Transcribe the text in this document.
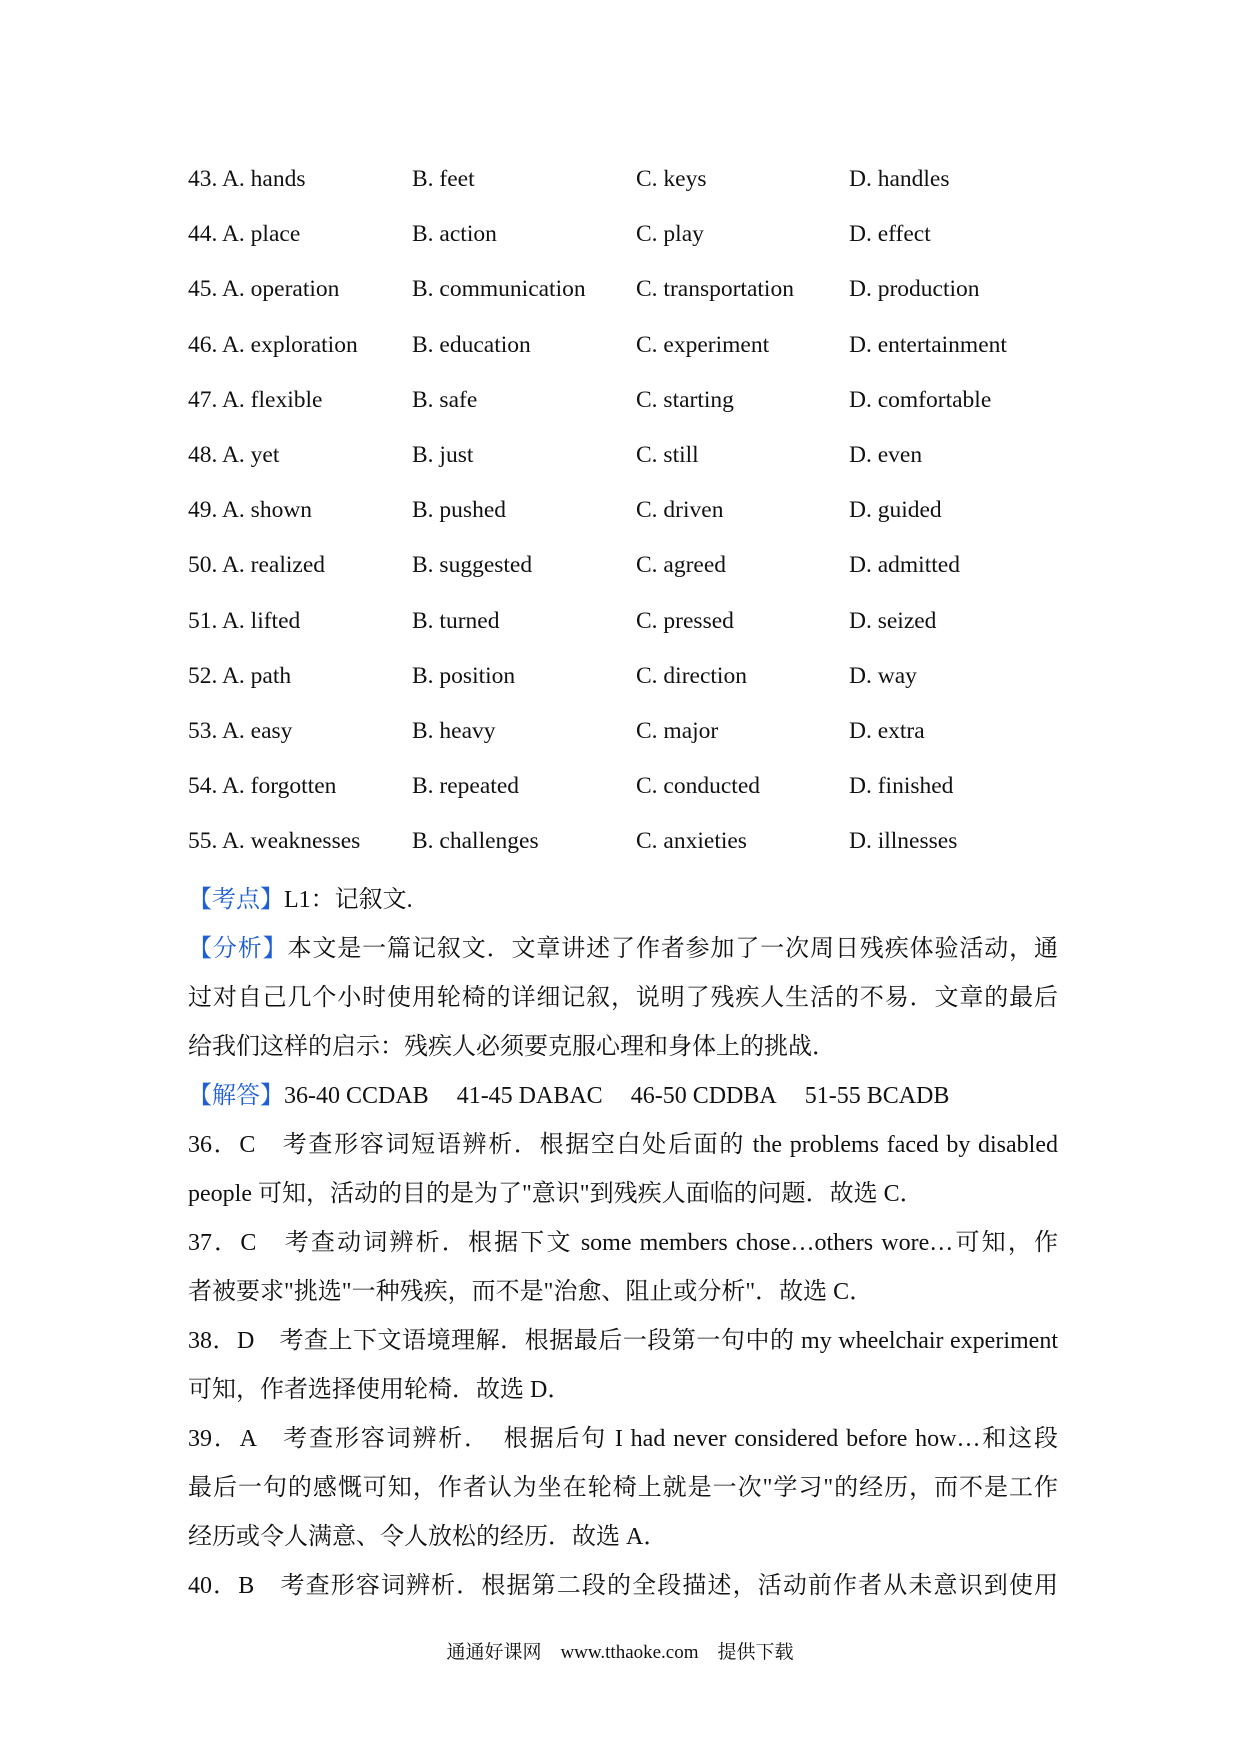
43. A. hands	B. feet	C. keys	D. handles
44. A. place	B. action	C. play	D. effect
45. A. operation	B. communication	C. transportation	D. production
46. A. exploration	B. education	C. experiment	D. entertainment
47. A. flexible	B. safe	C. starting	D. comfortable
48. A. yet	B. just	C. still	D. even
49. A. shown	B. pushed	C. driven	D. guided
50. A. realized	B. suggested	C. agreed	D. admitted
51. A. lifted	B. turned	C. pressed	D. seized
52. A. path	B. position	C. direction	D. way
53. A. easy	B. heavy	C. major	D. extra
54. A. forgotten	B. repeated	C. conducted	D. finished
55. A. weaknesses	B. challenges	C. anxieties	D. illnesses
【考点】L1：记叙文.
【分析】本文是一篇记叙文．文章讲述了作者参加了一次周日残疾体验活动，通
过对自己几个小时使用轮椅的详细记叙，说明了残疾人生活的不易．文章的最后
给我们这样的启示：残疾人必须要克服心理和身体上的挑战．
【解答】36-40 CCDAB 41-45 DABAC 46-50 CDDBA 51-55 BCADB
36．C　考查形容词短语辨析．根据空白处后面的 the problems faced by disabled
people 可知，活动的目的是为了"意识"到残疾人面临的问题．故选 C．
37．C　考查动词辨析．根据下文 some members chose…others wore…可知，作
者被要求"挑选"一种残疾，而不是"治愈、阻止或分析"．故选 C．
38．D　考查上下文语境理解．根据最后一段第一句中的 my wheelchair experiment
可知，作者选择使用轮椅．故选 D．
39．A　考查形容词辨析．　根据后句 I had never considered before how…和这段
最后一句的感慨可知，作者认为坐在轮椅上就是一次"学习"的经历，而不是工作
经历或令人满意、令人放松的经历．故选 A．
40．B　考查形容词辨析．根据第二段的全段描述，活动前作者从未意识到使用
通通好课网　www.tthaoke.com　提供下载
